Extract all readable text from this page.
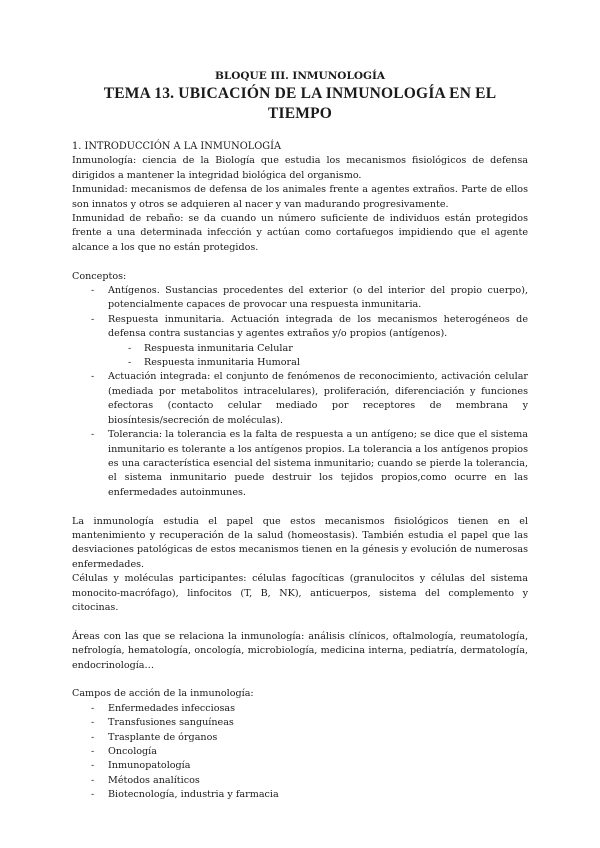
BLOQUE III. INMUNOLOGÍA
TEMA 13. UBICACIÓN DE LA INMUNOLOGÍA EN EL TIEMPO
1. INTRODUCCIÓN A LA INMUNOLOGÍA

Inmunología: ciencia de la Biología que estudia los mecanismos fisiológicos de defensa dirigidos a mantener la integridad biológica del organismo.

Inmunidad: mecanismos de defensa de los animales frente a agentes extraños. Parte de ellos son innatos y otros se adquieren al nacer y van madurando progresivamente.

Inmunidad de rebaño: se da cuando un número suficiente de individuos están protegidos frente a una determinada infección y actúan como cortafuegos impidiendo que el agente alcance a los que no están protegidos.

Conceptos:

- Antígenos. Sustancias procedentes del exterior (o del interior del propio cuerpo), potencialmente capaces de provocar una respuesta inmunitaria.
- Respuesta inmunitaria. Actuación integrada de los mecanismos heterogéneos de defensa contra sustancias y agentes extraños y/o propios (antígenos).
- Respuesta inmunitaria Celular
- Respuesta inmunitaria Humoral
- Actuación integrada: el conjunto de fenómenos de reconocimiento, activación celular (mediada por metabolitos intracelulares), proliferación, diferenciación y funciones efectoras (contacto celular mediado por receptores de membrana y biosíntesis/secreción de moléculas).
- Tolerancia: la tolerancia es la falta de respuesta a un antígeno; se dice que el sistema inmunitario es tolerante a los antígenos propios. La tolerancia a los antígenos propios es una característica esencial del sistema inmunitario; cuando se pierde la tolerancia, el sistema inmunitario puede destruir los tejidos propios,como ocurre en las enfermedades autoinmunes.

La inmunología estudia el papel que estos mecanismos fisiológicos tienen en el mantenimiento y recuperación de la salud (homeostasis). También estudia el papel que las desviaciones patológicas de estos mecanismos tienen en la génesis y evolución de numerosas enfermedades.

Células y moléculas participantes: células fagocíticas (granulocitos y células del sistema monocito-macrófago), linfocitos (T, B, NK), anticuerpos, sistema del complemento y citocinas.

Áreas con las que se relaciona la inmunología: análisis clínicos, oftalmología, reumatología, nefrología, hematología, oncología, microbiología, medicina interna, pediatría, dermatología, endocrinología…

Campos de acción de la inmunología:

- Enfermedades infecciosas
- Transfusiones sanguíneas
- Trasplante de órganos
- Oncología
- Inmunopatología
- Métodos analíticos
- Biotecnología, industria y farmacia
